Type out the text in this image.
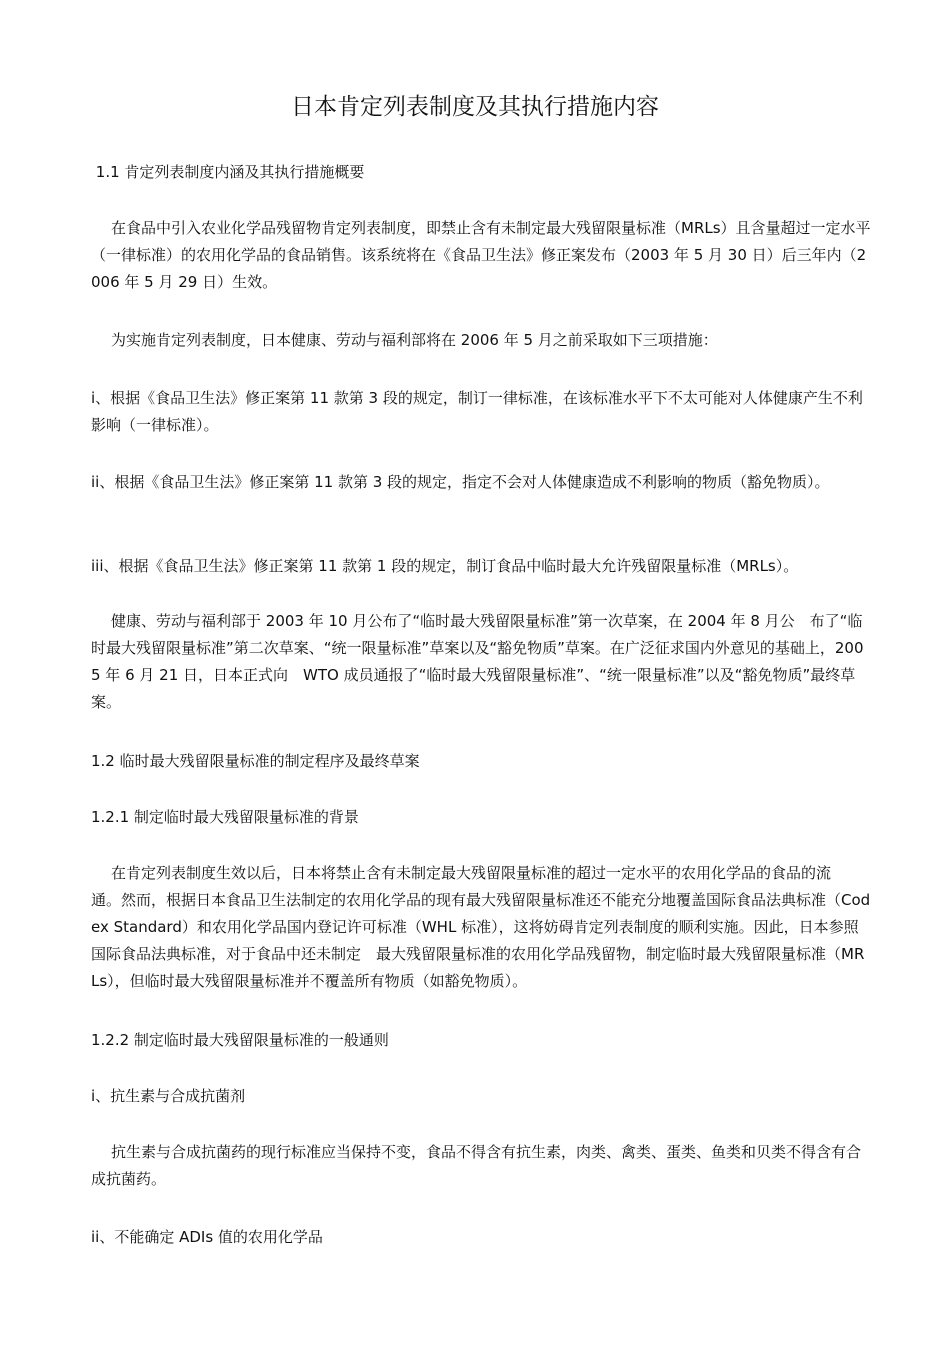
日本肯定列表制度及其执行措施内容

1.1 肯定列表制度内涵及其执行措施概要

在食品中引入农业化学品残留物肯定列表制度，即禁止含有未制定最大残留限量标准（MRLs）且含量超过一定水平（一律标准）的农用化学品的食品销售。该系统将在《食品卫生法》修正案发布（2003 年 5 月 30 日）后三年内（2006 年 5 月 29 日）生效。

为实施肯定列表制度，日本健康、劳动与福利部将在 2006 年 5 月之前采取如下三项措施：

i、根据《食品卫生法》修正案第 11 款第 3 段的规定，制订一律标准，在该标准水平下不太可能对人体健康产生不利影响（一律标准）。

ii、根据《食品卫生法》修正案第 11 款第 3 段的规定，指定不会对人体健康造成不利影响的物质（豁免物质）。

iii、根据《食品卫生法》修正案第 11 款第 1 段的规定，制订食品中临时最大允许残留限量标准（MRLs）。

健康、劳动与福利部于 2003 年 10 月公布了“临时最大残留限量标准”第一次草案，在 2004 年 8 月公　布了“临时最大残留限量标准”第二次草案、“统一限量标准”草案以及“豁免物质”草案。在广泛征求国内外意见的基础上，2005 年 6 月 21 日，日本正式向　WTO 成员通报了“临时最大残留限量标准”、“统一限量标准”以及“豁免物质”最终草案。

1.2 临时最大残留限量标准的制定程序及最终草案

1.2.1 制定临时最大残留限量标准的背景

在肯定列表制度生效以后，日本将禁止含有未制定最大残留限量标准的超过一定水平的农用化学品的食品的流　通。然而，根据日本食品卫生法制定的农用化学品的现有最大残留限量标准还不能充分地覆盖国际食品法典标准（Codex Standard）和农用化学品国内登记许可标准（WHL 标准），这将妨碍肯定列表制度的顺利实施。因此，日本参照国际食品法典标准，对于食品中还未制定　最大残留限量标准的农用化学品残留物，制定临时最大残留限量标准（MRLs），但临时最大残留限量标准并不覆盖所有物质（如豁免物质）。

1.2.2 制定临时最大残留限量标准的一般通则

i、抗生素与合成抗菌剂

抗生素与合成抗菌药的现行标准应当保持不变，食品不得含有抗生素，肉类、禽类、蛋类、鱼类和贝类不得含有合成抗菌药。

ii、不能确定 ADIs 值的农用化学品
